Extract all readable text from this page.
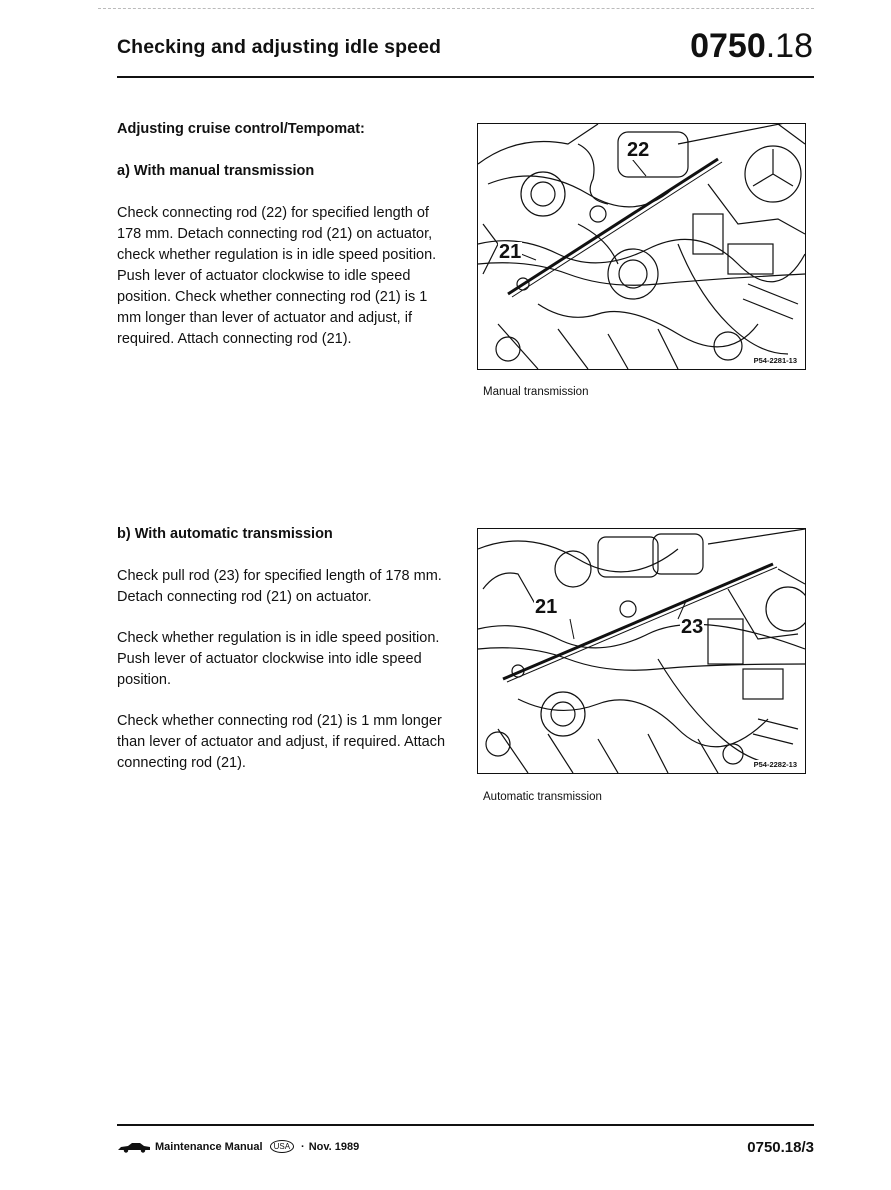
Checking and adjusting idle speed	0750.18
Adjusting cruise control/Tempomat:
a) With manual transmission
Check connecting rod (22) for specified length of 178 mm. Detach connecting rod (21) on actuator, check whether regulation is in idle speed position. Push lever of actuator clockwise to idle speed position. Check whether connecting rod (21) is 1 mm longer than lever of actuator and adjust, if required. Attach connecting rod (21).
22
21
P54-2281-13
Manual transmission
b) With automatic transmission
Check pull rod (23) for specified length of 178 mm. Detach connecting rod (21) on actuator.
Check whether regulation is in idle speed position. Push lever of actuator clockwise into idle speed position.
Check whether connecting rod (21) is 1 mm longer than lever of actuator and adjust, if required. Attach connecting rod (21).
21
23
P54-2282-13
Automatic transmission
Maintenance Manual	USA	· Nov. 1989	0750.18/3
